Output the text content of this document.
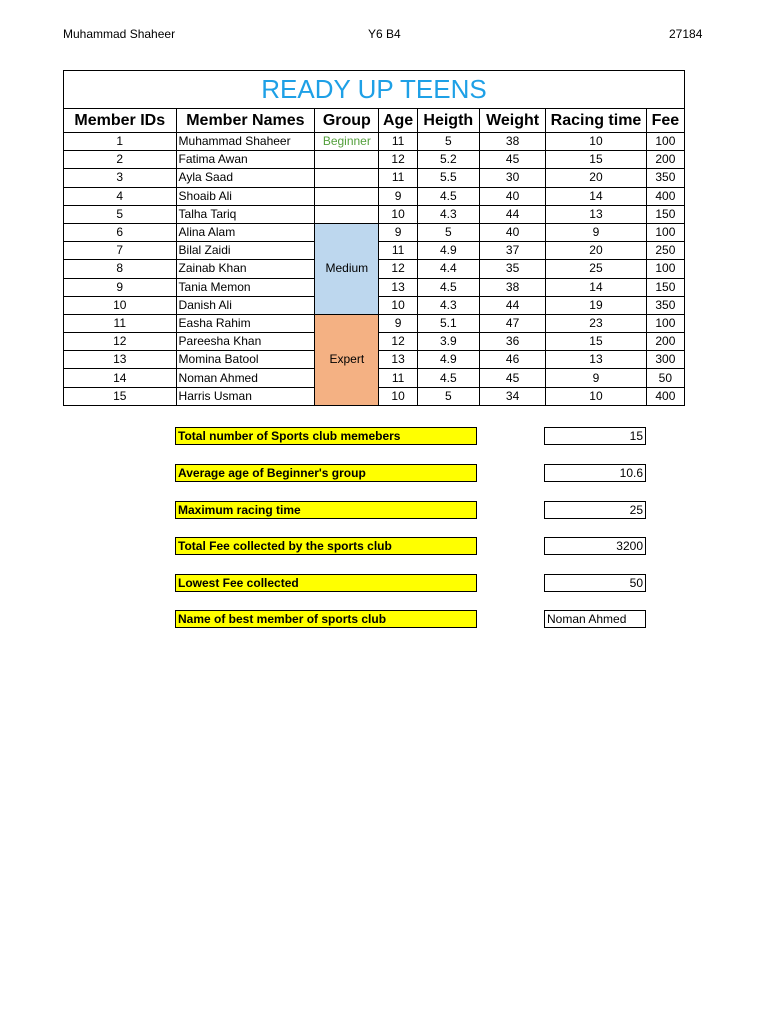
Muhammad Shaheer	Y6 B4	27184
READY UP TEENS							
Member IDs	Member Names	Group	Age	Heigth	Weight	Racing time	Fee
1	Muhammad Shaheer	Beginner	11	5	38	10	100
2	Fatima Awan		12	5.2	45	15	200
3	Ayla Saad		11	5.5	30	20	350
4	Shoaib Ali		9	4.5	40	14	400
5	Talha Tariq		10	4.3	44	13	150
6	Alina Alam	Medium	9	5	40	9	100
7	Bilal Zaidi		11	4.9	37	20	250
8	Zainab Khan		12	4.4	35	25	100
9	Tania Memon		13	4.5	38	14	150
10	Danish Ali		10	4.3	44	19	350
11	Easha Rahim	Expert	9	5.1	47	23	100
12	Pareesha Khan		12	3.9	36	15	200
13	Momina Batool		13	4.9	46	13	300
14	Noman Ahmed		11	4.5	45	9	50
15	Harris Usman		10	5	34	10	400
Total number of Sports club memebers	15
Average age of Beginner's group	10.6
Maximum racing time	25
Total Fee collected by the sports club	3200
Lowest Fee collected	50
Name of best member of sports club	Noman Ahmed
